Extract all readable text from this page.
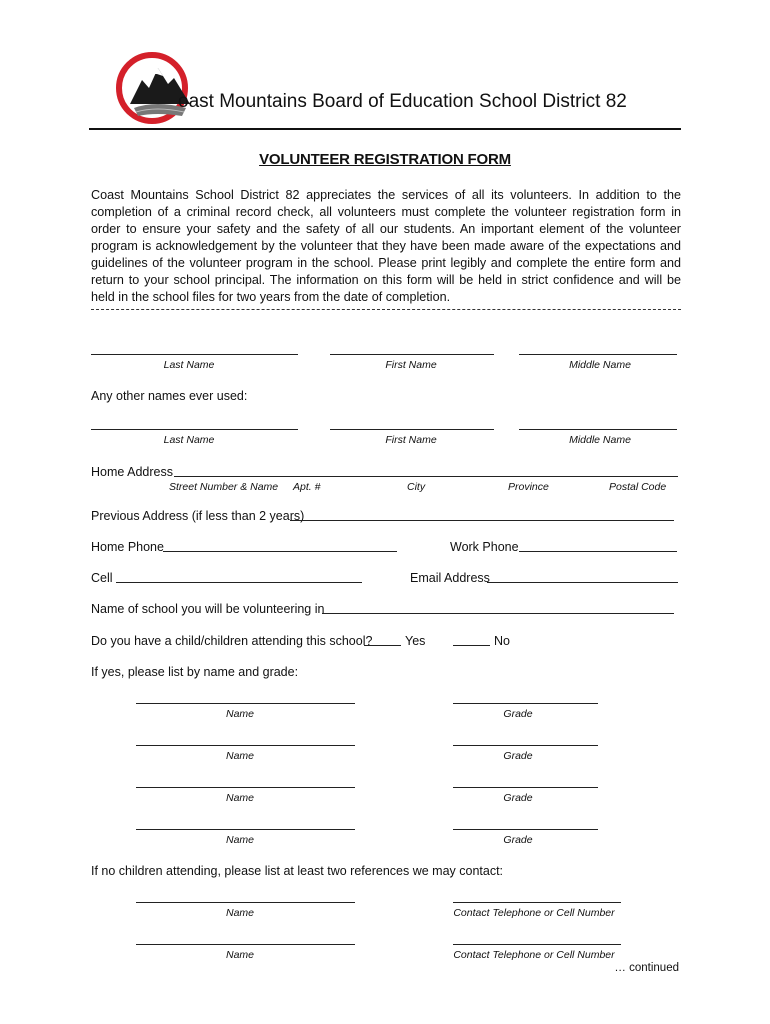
oast Mountains Board of Education School District 82
VOLUNTEER REGISTRATION FORM
Coast Mountains School District 82 appreciates the services of all its volunteers. In addition to the completion of a criminal record check, all volunteers must complete the volunteer registration form in order to ensure your safety and the safety of all our students. An important element of the volunteer program is acknowledgement by the volunteer that they have been made aware of the expectations and guidelines of the volunteer program in the school. Please print legibly and complete the entire form and return to your school principal. The information on this form will be held in strict confidence and will be held in the school files for two years from the date of completion.
Last Name	First Name	Middle Name
Any other names ever used:
Last Name	First Name	Middle Name
Home Address
Street Number & Name Apt. #	City	Province	Postal Code
Previous Address (if less than 2 years)
Home Phone	Work Phone
Cell	Email Address
Name of school you will be volunteering in
Do you have a child/children attending this school?	Yes	No
If yes, please list by name and grade:
Name	Grade
Name	Grade
Name	Grade
Name	Grade
If no children attending, please list at least two references we may contact:
Name	Contact Telephone or Cell Number
Name	Contact Telephone or Cell Number
… continued
